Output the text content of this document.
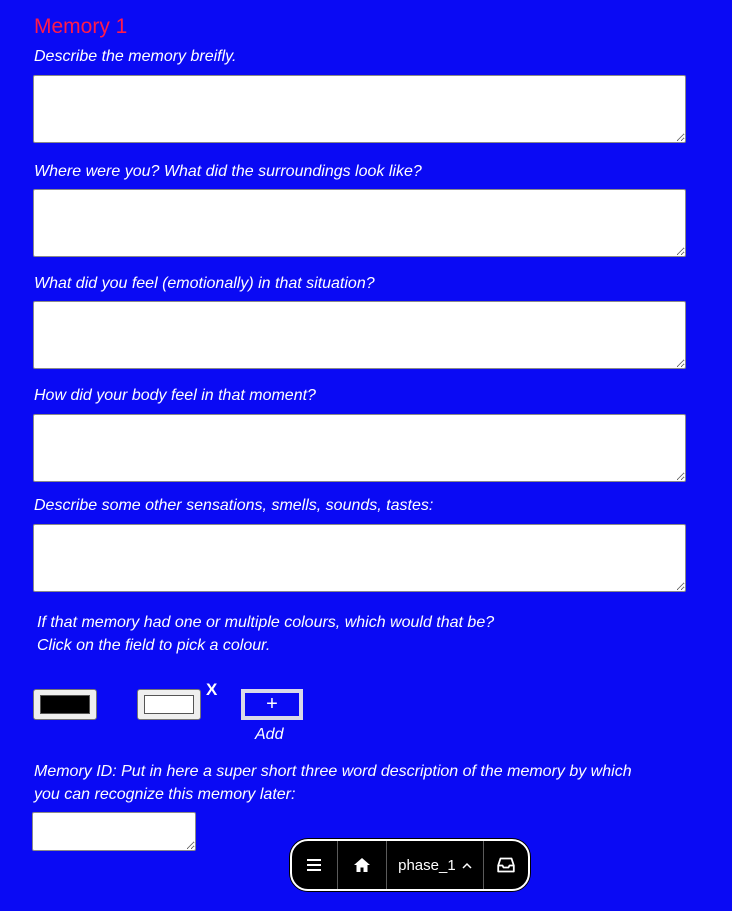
Memory 1
Describe the memory breifly.
Where were you? What did the surroundings look like?
What did you feel (emotionally) in that situation?
How did your body feel in that moment?
Describe some other sensations, smells, sounds, tastes:
If that memory had one or multiple colours, which would that be?
Click on the field to pick a colour.
X
+
Add
Memory ID: Put in here a super short three word description of the memory by which you can recognize this memory later:
phase_1
